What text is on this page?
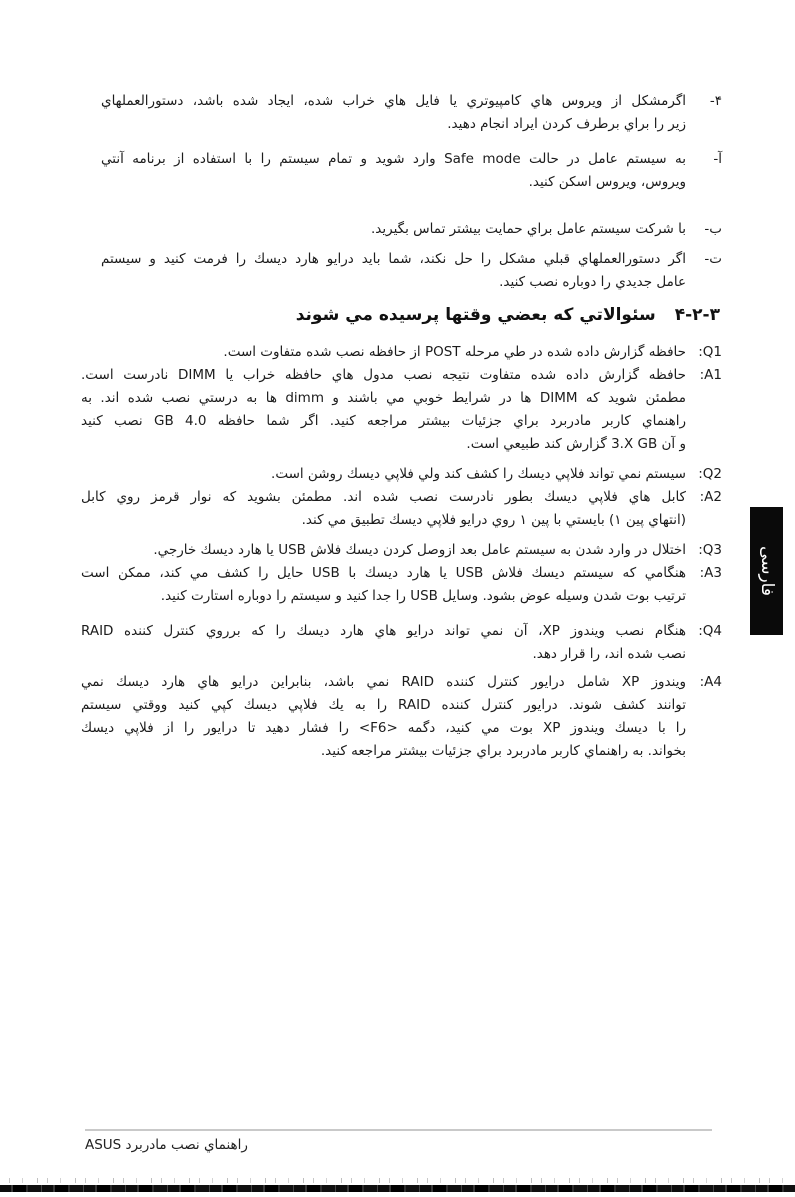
۴-
اگرمشكل از ويروس هاي كامپيوتري يا فايل هاي خراب شده، ايجاد شده باشد، دستورالعملهاي
زير را براي برطرف كردن ايراد انجام دهيد.
آ-
به سيستم عامل در حالت Safe mode وارد شويد و تمام سيستم را با استفاده از برنامه آنتي
ويروس، ويروس اسكن كنيد.
ب-
با شركت سيستم عامل براي حمايت بيشتر تماس بگيريد.
ت-
اگر دستورالعملهاي قبلي مشكل را حل نكند، شما بايد درايو هارد ديسك را فرمت كنيد و سيستم
عامل جديدي را دوباره نصب كنيد.
⁦۴-۲-۳⁩
سئوالاتي كه بعضي وقتها پرسيده مي شوند
Q1:
حافظه گزارش داده شده در طي مرحله POST از حافظه نصب شده متفاوت است.
A1:
حافظه گزارش داده شده متفاوت نتيجه نصب مدول هاي حافظه خراب يا DIMM نادرست است.
مطمئن شويد كه DIMM ها در شرايط خوبي مي باشند و dimm ها به درستي نصب شده اند. به
راهنماي كاربر مادربرد براي جزئيات بيشتر مراجعه كنيد. اگر شما حافظه 4.0 GB نصب كنيد
و آن ⁦3.X GB⁩ گزارش كند طبيعي است.
Q2:
سيستم نمي تواند فلاپي ديسك را كشف كند ولي فلاپي ديسك روشن است.
A2:
كابل هاي فلاپي ديسك بطور نادرست نصب شده اند. مطمئن بشويد كه نوار قرمز روي كابل
(انتهاي پين ۱) بايستي با پين ۱ روي درايو فلاپي ديسك تطبيق مي كند.
Q3:
اختلال در وارد شدن به سيستم عامل بعد ازوصل كردن ديسك فلاش USB يا هارد ديسك خارجي.
A3:
هنگامي كه سيستم ديسك فلاش USB يا هارد ديسك با USB حايل را كشف مي كند، ممكن است
ترتيب بوت شدن وسيله عوض بشود. وسايل USB را جدا كنيد و سيستم را دوباره استارت كنيد.
Q4:
هنگام نصب ويندوز XP، آن نمي تواند درايو هاي هارد ديسك را كه برروي كنترل كننده RAID
نصب شده اند، را قرار دهد.
A4:
ويندوز XP شامل درايور كنترل كننده RAID نمي باشد، بنابراين درايو هاي هارد ديسك نمي
توانند كشف شوند. درايور كنترل كننده RAID را به يك فلاپي ديسك كپي كنيد ووقتي سيستم
را با ديسك ويندوز XP بوت مي كنيد، دگمه ⁦<F6>⁩ را فشار دهيد تا درايور را از فلاپي ديسك
بخواند. به راهنماي كاربر مادربرد براي جزئيات بيشتر مراجعه كنيد.
فارسی
راهنماي نصب مادربرد ASUS
